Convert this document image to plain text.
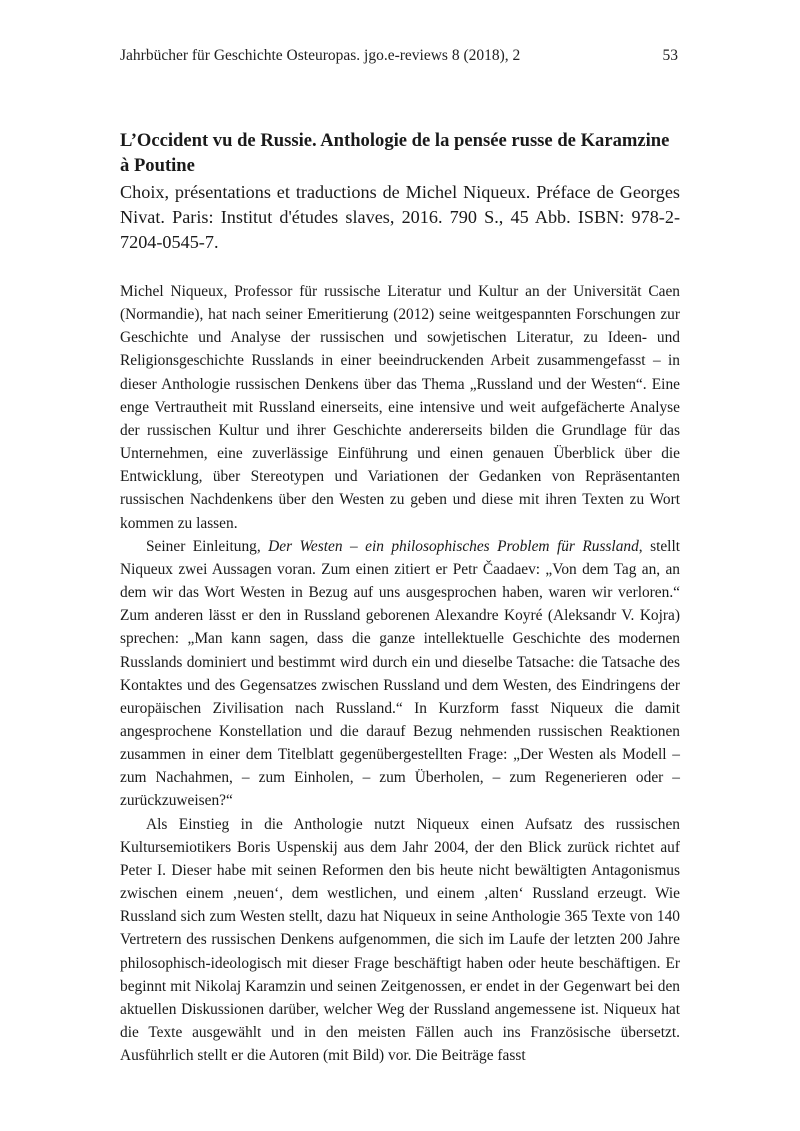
Jahrbücher für Geschichte Osteuropas. jgo.e-reviews 8 (2018), 2	53
L’Occident vu de Russie. Anthologie de la pensée russe de Karamzine à Poutine

Choix, présentations et traductions de Michel Niqueux. Préface de Georges Nivat. Paris: Institut d'études slaves, 2016. 790 S., 45 Abb. ISBN: 978-2-7204-0545-7.

Michel Niqueux, Professor für russische Literatur und Kultur an der Universität Caen (Normandie), hat nach seiner Emeritierung (2012) seine weitgespannten Forschungen zur Geschichte und Analyse der russischen und sowjetischen Literatur, zu Ideen- und Religionsgeschichte Russlands in einer beeindruckenden Arbeit zusammengefasst – in dieser Anthologie russischen Denkens über das Thema „Russland und der Westen“. Eine enge Vertrautheit mit Russland einerseits, eine intensive und weit aufgefächerte Analyse der russischen Kultur und ihrer Geschichte andererseits bilden die Grundlage für das Unternehmen, eine zuverlässige Einführung und einen genauen Überblick über die Entwicklung, über Stereotypen und Variationen der Gedanken von Repräsentanten russischen Nachdenkens über den Westen zu geben und diese mit ihren Texten zu Wort kommen zu lassen.

Seiner Einleitung, Der Westen – ein philosophisches Problem für Russland, stellt Niqueux zwei Aussagen voran. Zum einen zitiert er Petr Čaadaev: „Von dem Tag an, an dem wir das Wort Westen in Bezug auf uns ausgesprochen haben, waren wir verloren.“ Zum anderen lässt er den in Russland geborenen Alexandre Koyré (Aleksandr V. Kojra) sprechen: „Man kann sagen, dass die ganze intellektuelle Geschichte des modernen Russlands dominiert und bestimmt wird durch ein und dieselbe Tatsache: die Tatsache des Kontaktes und des Gegensatzes zwischen Russland und dem Westen, des Eindringens der europäischen Zivilisation nach Russland.“ In Kurzform fasst Niqueux die damit angesprochene Konstellation und die darauf Bezug nehmenden russischen Reaktionen zusammen in einer dem Titelblatt gegenübergestellten Frage: „Der Westen als Modell – zum Nachahmen, – zum Einholen, – zum Überholen, – zum Regenerieren oder – zurückzuweisen?“

Als Einstieg in die Anthologie nutzt Niqueux einen Aufsatz des russischen Kultursemiotikers Boris Uspenskij aus dem Jahr 2004, der den Blick zurück richtet auf Peter I. Dieser habe mit seinen Reformen den bis heute nicht bewältigten Antagonismus zwischen einem ‚neuen‘, dem westlichen, und einem ‚alten‘ Russland erzeugt. Wie Russland sich zum Westen stellt, dazu hat Niqueux in seine Anthologie 365 Texte von 140 Vertretern des russischen Denkens aufgenommen, die sich im Laufe der letzten 200 Jahre philosophisch-ideologisch mit dieser Frage beschäftigt haben oder heute beschäftigen. Er beginnt mit Nikolaj Karamzin und seinen Zeitgenossen, er endet in der Gegenwart bei den aktuellen Diskussionen darüber, welcher Weg der Russland angemessene ist. Niqueux hat die Texte ausgewählt und in den meisten Fällen auch ins Französische übersetzt. Ausführlich stellt er die Autoren (mit Bild) vor. Die Beiträge fasst
